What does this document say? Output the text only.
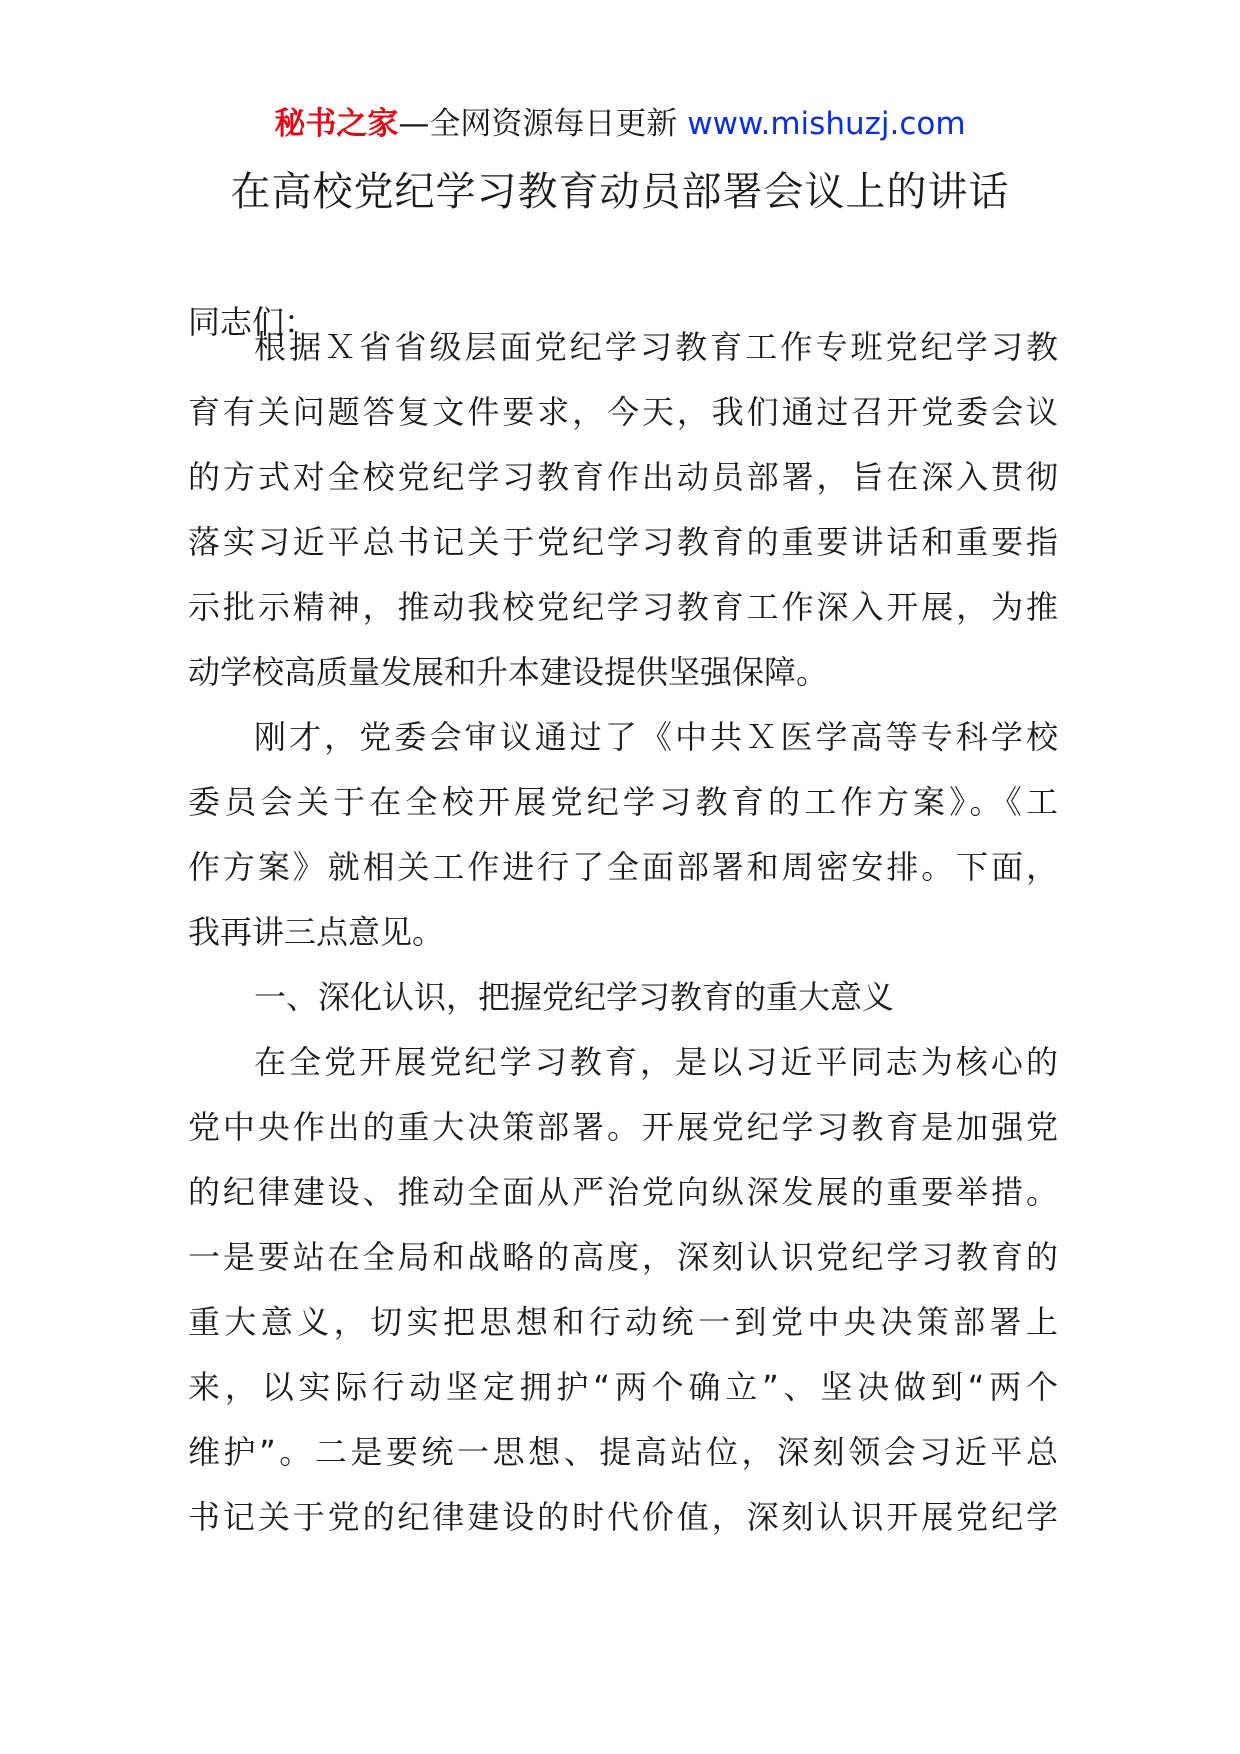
秘书之家—全网资源每日更新 www.mishuzj.com
在高校党纪学习教育动员部署会议上的讲话
同志们：
根据Ｘ省省级层面党纪学习教育工作专班党纪学习教
育有关问题答复文件要求，今天，我们通过召开党委会议
的方式对全校党纪学习教育作出动员部署，旨在深入贯彻
落实习近平总书记关于党纪学习教育的重要讲话和重要指
示批示精神，推动我校党纪学习教育工作深入开展，为推
动学校高质量发展和升本建设提供坚强保障。
刚才，党委会审议通过了《中共Ｘ医学高等专科学校
委员会关于在全校开展党纪学习教育的工作方案》。《工
作方案》就相关工作进行了全面部署和周密安排。下面，
我再讲三点意见。
一、深化认识，把握党纪学习教育的重大意义
在全党开展党纪学习教育，是以习近平同志为核心的
党中央作出的重大决策部署。开展党纪学习教育是加强党
的纪律建设、推动全面从严治党向纵深发展的重要举措。
一是要站在全局和战略的高度，深刻认识党纪学习教育的
重大意义，切实把思想和行动统一到党中央决策部署上
来，以实际行动坚定拥护“两个确立”、坚决做到“两个
维护”。二是要统一思想、提高站位，深刻领会习近平总
书记关于党的纪律建设的时代价值，深刻认识开展党纪学
